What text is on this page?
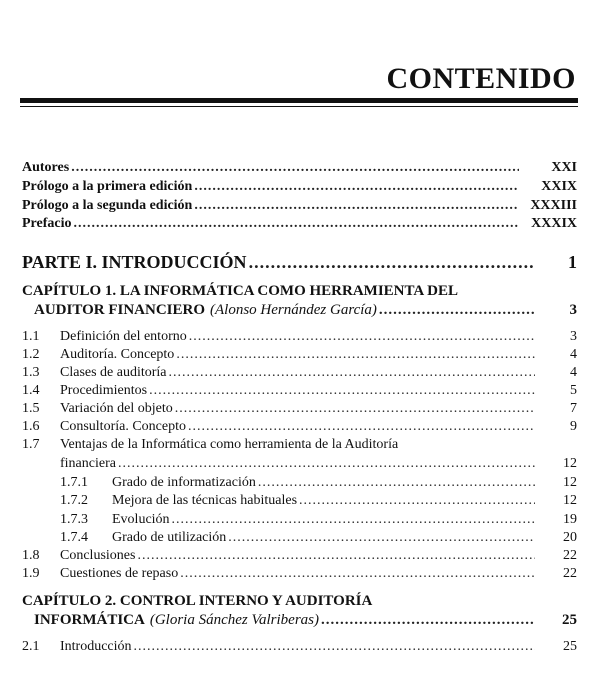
CONTENIDO
Autores .....	XXI
Prólogo a la primera edición .....	XXIX
Prólogo a la segunda edición .....	XXXIII
Prefacio .....	XXXIX
PARTE I. INTRODUCCIÓN .....	1
CAPÍTULO 1. LA INFORMÁTICA COMO HERRAMIENTA DEL
AUDITOR FINANCIERO (Alonso Hernández García) .....	3
1.1	Definición del entorno .....	3
1.2	Auditoría. Concepto .....	4
1.3	Clases de auditoría .....	4
1.4	Procedimientos .....	5
1.5	Variación del objeto .....	7
1.6	Consultoría. Concepto .....	9
1.7 Ventajas de la Informática como herramienta de la Auditoría
financiera .....	12
1.7.1	Grado de informatización .....	12
1.7.2	Mejora de las técnicas habituales .....	12
1.7.3	Evolución .....	19
1.7.4	Grado de utilización .....	20
1.8	Conclusiones .....	22
1.9	Cuestiones de repaso .....	22
CAPÍTULO 2. CONTROL INTERNO Y AUDITORÍA
INFORMÁTICA (Gloria Sánchez Valriberas) .....	25
2.1	Introducción .....	25
